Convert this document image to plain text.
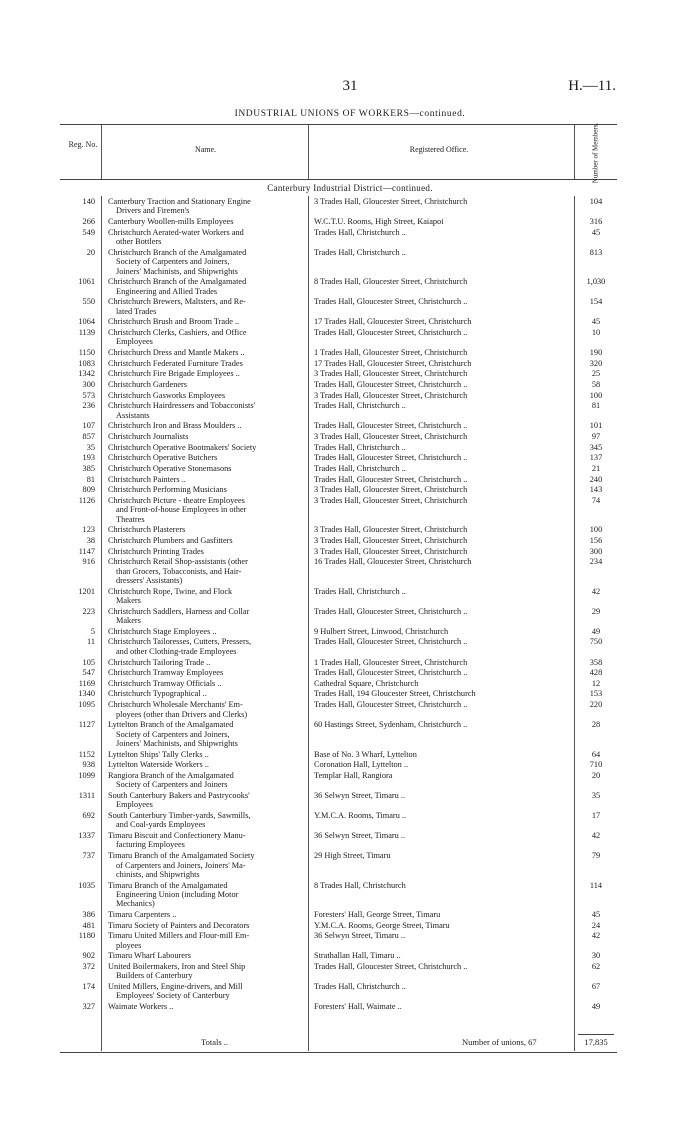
31	H.—11.
INDUSTRIAL UNIONS OF WORKERS—continued.
Reg. No.
Name.	Registered Office.	Number of Members.
Canterbury Industrial District—continued.
140 Canterbury Traction and Stationary Engine
Drivers and Firemen's
3 Trades Hall, Gloucester Street, Christchurch	104
266 Canterbury Woollen-mills Employees	W.C.T.U. Rooms, High Street, Kaiapoi	316
549 Christchurch Aerated-water Workers and
other Bottlers
Trades Hall, Christchurch ..	45
20 Christchurch Branch of the Amalgamated
Society of Carpenters and Joiners,
Joiners' Machinists, and Shipwrights
Trades Hall, Christchurch ..	813
1061 Christchurch Branch of the Amalgamated
Engineering and Allied Trades
8 Trades Hall, Gloucester Street, Christchurch	1,030
550 Christchurch Brewers, Maltsters, and Re-
lated Trades
Trades Hall, Gloucester Street, Christchurch ..	154
1064 Christchurch Brush and Broom Trade ..	17 Trades Hall, Gloucester Street, Christchurch	45
1139 Christchurch Clerks, Cashiers, and Office
Employees
Trades Hall, Gloucester Street, Christchurch ..	10
1150 Christchurch Dress and Mantle Makers ..	1 Trades Hall, Gloucester Street, Christchurch	190
1083 Christchurch Federated Furniture Trades	17 Trades Hall, Gloucester Street, Christchurch	320
1342 Christchurch Fire Brigade Employees ..	3 Trades Hall, Gloucester Street, Christchurch	25
300 Christchurch Gardeners	Trades Hall, Gloucester Street, Christchurch ..	58
573 Christchurch Gasworks Employees	3 Trades Hall, Gloucester Street, Christchurch	100
236 Christchurch Hairdressers and Tobacconists'
Assistants
Trades Hall, Christchurch ..	81
107 Christchurch Iron and Brass Moulders ..	Trades Hall, Gloucester Street, Christchurch ..	101
857 Christchurch Journalists	3 Trades Hall, Gloucester Street, Christchurch	97
35 Christchurch Operative Bootmakers' Society	Trades Hall, Christchurch ..	345
193 Christchurch Operative Butchers	Trades Hall, Gloucester Street, Christchurch ..	137
385 Christchurch Operative Stonemasons	Trades Hall, Christchurch ..	21
81 Christchurch Painters ..	Trades Hall, Gloucester Street, Christchurch ..	240
809 Christchurch Performing Musicians	3 Trades Hall, Gloucester Street, Christchurch	143
1126 Christchurch Picture - theatre Employees
and Front-of-house Employees in other
Theatres
3 Trades Hall, Gloucester Street, Christchurch	74
123 Christchurch Plasterers	3 Trades Hall, Gloucester Street, Christchurch	100
38 Christchurch Plumbers and Gasfitters	3 Trades Hall, Gloucester Street, Christchurch	156
1147 Christchurch Printing Trades	3 Trades Hall, Gloucester Street, Christchurch	300
916 Christchurch Retail Shop-assistants (other
than Grocers, Tobacconists, and Hair-
dressers' Assistants)
16 Trades Hall, Gloucester Street, Christchurch	234
1201 Christchurch Rope, Twine, and Flock
Makers
Trades Hall, Christchurch ..	42
223 Christchurch Saddlers, Harness and Collar
Makers
Trades Hall, Gloucester Street, Christchurch ..	29
5 Christchurch Stage Employees ..	9 Hulbert Street, Linwood, Christchurch	49
11 Christchurch Tailoresses, Cutters, Pressers,
and other Clothing-trade Employees
Trades Hall, Gloucester Street, Christchurch ..	750
105 Christchurch Tailoring Trade ..	1 Trades Hall, Gloucester Street, Christchurch	358
547 Christchurch Tramway Employees	Trades Hall, Gloucester Street, Christchurch ..	428
1169 Christchurch Tramway Officials ..	Cathedral Square, Christchurch	12
1340 Christchurch Typographical ..	Trades Hall, 194 Gloucester Street, Christchurch	153
1095 Christchurch Wholesale Merchants' Em-
ployees (other than Drivers and Clerks)
Trades Hall, Gloucester Street, Christchurch ..	220
1127 Lyttelton Branch of the Amalgamated
Society of Carpenters and Joiners,
Joiners' Machinists, and Shipwrights
60 Hastings Street, Sydenham, Christchurch ..	28
1152 Lyttelton Ships' Tally Clerks ..	Base of No. 3 Wharf, Lyttelton	64
938 Lyttelton Waterside Workers ..	Coronation Hall, Lyttelton ..	710
1099 Rangiora Branch of the Amalgamated
Society of Carpenters and Joiners
Templar Hall, Rangiora	20
1311 South Canterbury Bakers and Pastrycooks'
Employees
36 Selwyn Street, Timaru ..	35
692 South Canterbury Timber-yards, Sawmills,
and Coal-yards Employees
Y.M.C.A. Rooms, Timaru ..	17
1337 Timaru Biscuit and Confectionery Manu-
facturing Employees
36 Selwyn Street, Timaru ..	42
737 Timaru Branch of the Amalgamated Society
of Carpenters and Joiners, Joiners' Ma-
chinists, and Shipwrights
29 High Street, Timaru	79
1035 Timaru Branch of the Amalgamated
Engineering Union (including Motor
Mechanics)
8 Trades Hall, Christchurch	114
386 Timaru Carpenters ..	Foresters' Hall, George Street, Timaru	45
481 Timaru Society of Painters and Decorators	Y.M.C.A. Rooms, George Street, Timaru	24
1180 Timaru United Millers and Flour-mill Em-
ployees
36 Selwyn Street, Timaru ..	42
902 Timaru Wharf Labourers	Strathallan Hall, Timaru ..	30
372 United Boilermakers, Iron and Steel Ship
Builders of Canterbury
Trades Hall, Gloucester Street, Christchurch ..	62
174 United Millers, Engine-drivers, and Mill
Employees' Society of Canterbury
Trades Hall, Christchurch ..	67
327 Waimate Workers ..	Foresters' Hall, Waimate ..	49
Totals ..	Number of unions, 67	17,835
